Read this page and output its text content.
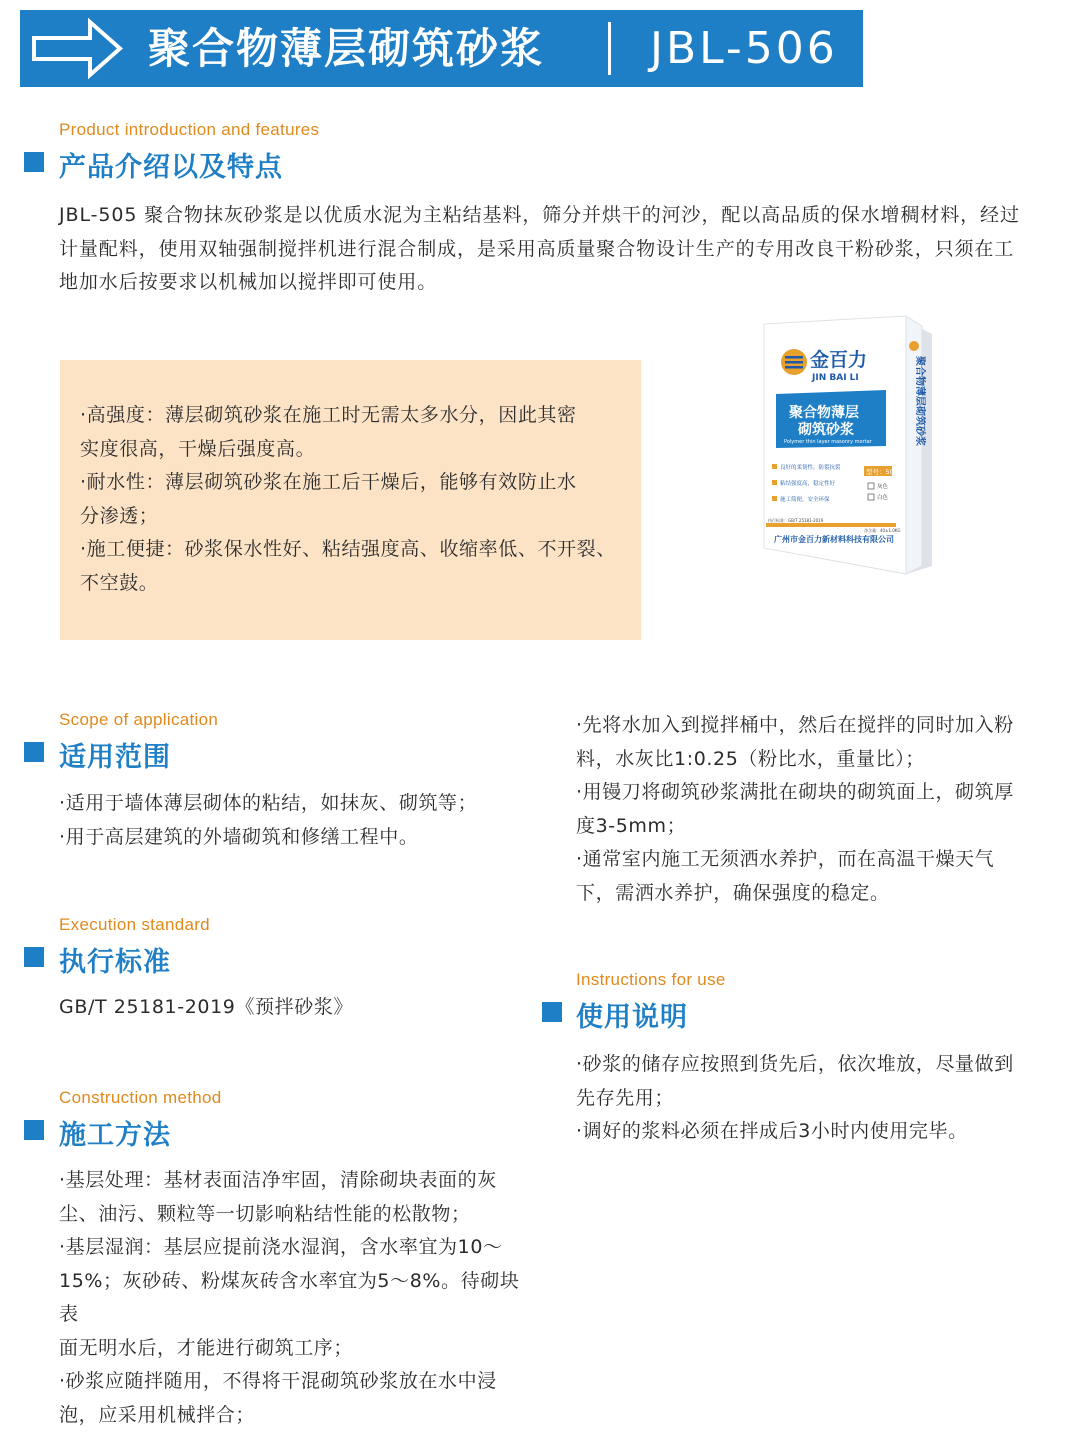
聚合物薄层砌筑砂浆 JBL-506
Product introduction and features
产品介绍以及特点
JBL-505 聚合物抹灰砂浆是以优质水泥为主粘结基料，筛分并烘干的河沙，配以高品质的保水增稠材料，经过
计量配料，使用双轴强制搅拌机进行混合制成，是采用高质量聚合物设计生产的专用改良干粉砂浆，只须在工
地加水后按要求以机械加以搅拌即可使用。
·高强度：薄层砌筑砂浆在施工时无需太多水分，因此其密
实度很高，干燥后强度高。
·耐水性：薄层砌筑砂浆在施工后干燥后，能够有效防止水
分渗透；
·施工便捷：砂浆保水性好、粘结强度高、收缩率低、不开裂、
不空鼓。
金百力
JIN BAI LI
聚合物薄层
砌筑砂浆
Polymer thin layer masonry mortar
型号：506
良好的柔韧性，防裂抗裂
粘结强度高，稳定性好
施工简便，安全环保
灰色
白色
执行标准：GB/T 25181-2019
净含量：40±1.0KG
广州市金百力新材料科技有限公司
聚合物薄层砌筑砂浆
Scope of application
适用范围
·适用于墙体薄层砌体的粘结，如抹灰、砌筑等；
·用于高层建筑的外墙砌筑和修缮工程中。
Execution standard
执行标准
GB/T 25181-2019《预拌砂浆》
Construction method
施工方法
·基层处理：基材表面洁净牢固，清除砌块表面的灰
尘、油污、颗粒等一切影响粘结性能的松散物；
·基层湿润：基层应提前浇水湿润，含水率宜为10～
15%；灰砂砖、粉煤灰砖含水率宜为5～8%。待砌块表
面无明水后，才能进行砌筑工序；
·砂浆应随拌随用，不得将干混砌筑砂浆放在水中浸
泡，应采用机械拌合；
·先将水加入到搅拌桶中，然后在搅拌的同时加入粉
料，水灰比1:0.25（粉比水，重量比）；
·用镘刀将砌筑砂浆满批在砌块的砌筑面上，砌筑厚
度3-5mm；
·通常室内施工无须洒水养护，而在高温干燥天气
下，需洒水养护，确保强度的稳定。
Instructions for use
使用说明
·砂浆的储存应按照到货先后，依次堆放，尽量做到
先存先用；
·调好的浆料必须在拌成后3小时内使用完毕。
